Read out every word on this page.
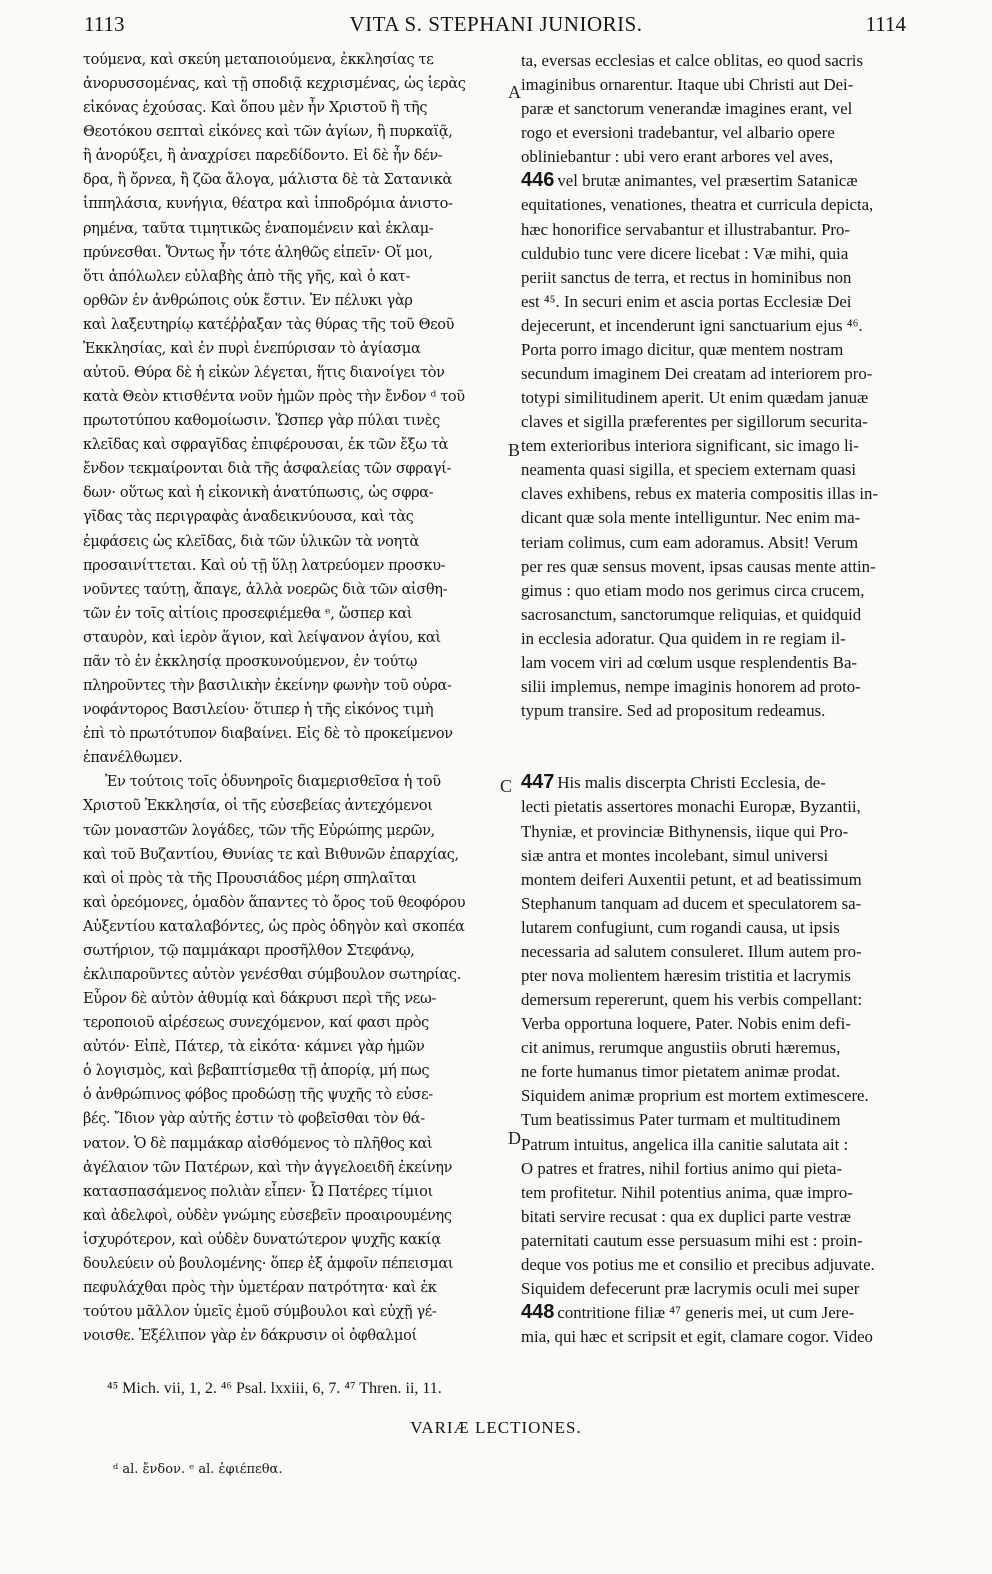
1113	VITA S. STEPHANI JUNIORIS.	1114
τούμενα, καὶ σκεύη μεταποιούμενα, ἐκκλησίας τε
ἀνορυσσομένας, καὶ τῇ σποδιᾷ κεχρισμένας, ὡς ἱερὰς
εἰκόνας ἐχούσας. Καὶ ὅπου μὲν ἦν Χριστοῦ ἢ τῆς
Θεοτόκου σεπταὶ εἰκόνες καὶ τῶν ἁγίων, ἢ πυρκαϊᾷ,
ἢ ἀνορύξει, ἢ ἀναχρίσει παρεδίδοντο. Εἰ δὲ ἦν δέν-
δρα, ἢ ὄρνεα, ἢ ζῶα ἄλογα, μάλιστα δὲ τὰ Σατανικὰ
ἱππηλάσια, κυνήγια, θέατρα καὶ ἱπποδρόμια ἀνιστο-
ρημένα, ταῦτα τιμητικῶς ἐναπομένειν καὶ ἐκλαμ-
πρύνεσθαι. Ὄντως ἦν τότε ἀληθῶς εἰπεῖν· Οἴ μοι,
ὅτι ἀπόλωλεν εὐλαβὴς ἀπὸ τῆς γῆς, καὶ ὁ κατ-
ορθῶν ἐν ἀνθρώποις οὐκ ἔστιν. Ἐν πέλυκι γὰρ
καὶ λαξευτηρίῳ κατέῤῥαξαν τὰς θύρας τῆς τοῦ Θεοῦ
Ἐκκλησίας, καὶ ἐν πυρὶ ἐνεπύρισαν τὸ ἁγίασμα
αὐτοῦ. Θύρα δὲ ἡ εἰκὼν λέγεται, ἥτις διανοίγει τὸν
κατὰ Θεὸν κτισθέντα νοῦν ἡμῶν πρὸς τὴν ἔνδον ᵈ τοῦ
πρωτοτύπου καθομοίωσιν. Ὥσπερ γὰρ πύλαι τινὲς
κλεῖδας καὶ σφραγῖδας ἐπιφέρουσαι, ἐκ τῶν ἔξω τὰ
ἔνδον τεκμαίρονται διὰ τῆς ἀσφαλείας τῶν σφραγί-
δων· οὕτως καὶ ἡ εἰκονικὴ ἀνατύπωσις, ὡς σφρα-
γῖδας τὰς περιγραφὰς ἀναδεικνύουσα, καὶ τὰς
ἐμφάσεις ὡς κλεῖδας, διὰ τῶν ὑλικῶν τὰ νοητὰ
προσαινίττεται. Καὶ οὐ τῇ ὕλῃ λατρεύομεν προσκυ-
νοῦντες ταύτῃ, ἄπαγε, ἀλλὰ νοερῶς διὰ τῶν αἰσθη-
τῶν ἐν τοῖς αἰτίοις προσεφιέμεθα ᵉ, ὥσπερ καὶ
σταυρὸν, καὶ ἱερὸν ἅγιον, καὶ λείψανον ἁγίου, καὶ
πᾶν τὸ ἐν ἐκκλησίᾳ προσκυνούμενον, ἐν τούτῳ
πληροῦντες τὴν βασιλικὴν ἐκείνην φωνὴν τοῦ οὐρα-
νοφάντορος Βασιλείου· ὅτιπερ ἡ τῆς εἰκόνος τιμὴ
ἐπὶ τὸ πρωτότυπον διαβαίνει. Εἰς δὲ τὸ προκείμενον
ἐπανέλθωμεν.
Ἐν τούτοις τοῖς ὀδυνηροῖς διαμερισθεῖσα ἡ τοῦ
Χριστοῦ Ἐκκλησία, οἱ τῆς εὐσεβείας ἀντεχόμενοι
τῶν μοναστῶν λογάδες, τῶν τῆς Εὐρώπης μερῶν,
καὶ τοῦ Βυζαντίου, Θυνίας τε καὶ Βιθυνῶν ἐπαρχίας,
καὶ οἱ πρὸς τὰ τῆς Προυσιάδος μέρη σπηλαῖται
καὶ ὀρεόμονες, ὁμαδὸν ἅπαντες τὸ ὄρος τοῦ θεοφόρου
Αὐξεντίου καταλαβόντες, ὡς πρὸς ὁδηγὸν καὶ σκοπέα
σωτήριον, τῷ παμμάκαρι προσῆλθον Στεφάνῳ,
ἐκλιπαροῦντες αὐτὸν γενέσθαι σύμβουλον σωτηρίας.
Εὗρον δὲ αὐτὸν ἀθυμίᾳ καὶ δάκρυσι περὶ τῆς νεω-
τεροποιοῦ αἱρέσεως συνεχόμενον, καί φασι πρὸς
αὐτόν· Εἰπὲ, Πάτερ, τὰ εἰκότα· κάμνει γὰρ ἡμῶν
ὁ λογισμὸς, καὶ βεβαπτίσμεθα τῇ ἀπορίᾳ, μή πως
ὁ ἀνθρώπινος φόβος προδώσῃ τῆς ψυχῆς τὸ εὐσε-
βές. Ἴδιον γὰρ αὐτῆς ἐστιν τὸ φοβεῖσθαι τὸν θά-
νατον. Ὁ δὲ παμμάκαρ αἰσθόμενος τὸ πλῆθος καὶ
ἀγέλαιον τῶν Πατέρων, καὶ τὴν ἀγγελοειδῆ ἐκείνην
κατασπασάμενος πολιὰν εἶπεν· Ὦ Πατέρες τίμιοι
καὶ ἀδελφοὶ, οὐδὲν γνώμης εὐσεβεῖν προαιρουμένης
ἰσχυρότερον, καὶ οὐδὲν δυνατώτερον ψυχῆς κακίᾳ
δουλεύειν οὐ βουλομένης· ὅπερ ἐξ ἀμφοῖν πέπεισμαι
πεφυλάχθαι πρὸς τὴν ὑμετέραν πατρότητα· καὶ ἐκ
τούτου μᾶλλον ὑμεῖς ἐμοῦ σύμβουλοι καὶ εὐχῇ γέ-
νοισθε. Ἐξέλιπον γὰρ ἐν δάκρυσιν οἱ ὀφθαλμοί
ta, eversas ecclesias et calce oblitas, eo quod sacris
imaginibus ornarentur. Itaque ubi Christi aut Dei-
paræ et sanctorum venerandæ imagines erant, vel
rogo et eversioni tradebantur, vel albario opere
obliniebantur : ubi vero erant arbores vel aves,
446 vel brutæ animantes, vel præsertim Satanicæ
equitationes, venationes, theatra et curricula depicta,
hæc honorifice servabantur et illustrabantur. Pro-
culdubio tunc vere dicere licebat : Væ mihi, quia
periit sanctus de terra, et rectus in hominibus non
est ⁴⁵. In securi enim et ascia portas Ecclesiæ Dei
dejecerunt, et incenderunt igni sanctuarium ejus ⁴⁶.
Porta porro imago dicitur, quæ mentem nostram
secundum imaginem Dei creatam ad interiorem pro-
totypi similitudinem aperit. Ut enim quædam januæ
claves et sigilla præferentes per sigillorum securita-
tem exterioribus interiora significant, sic imago li-
neamenta quasi sigilla, et speciem externam quasi
claves exhibens, rebus ex materia compositis illas in-
dicant quæ sola mente intelliguntur. Nec enim ma-
teriam colimus, cum eam adoramus. Absit! Verum
per res quæ sensus movent, ipsas causas mente attin-
gimus : quo etiam modo nos gerimus circa crucem,
sacrosanctum, sanctorumque reliquias, et quidquid
in ecclesia adoratur. Qua quidem in re regiam il-
lam vocem viri ad cœlum usque resplendentis Ba-
silii implemus, nempe imaginis honorem ad proto-
typum transire. Sed ad propositum redeamus.
447 His malis discerpta Christi Ecclesia, de-
lecti pietatis assertores monachi Europæ, Byzantii,
Thyniæ, et provinciæ Bithynensis, iique qui Pro-
siæ antra et montes incolebant, simul universi
montem deiferi Auxentii petunt, et ad beatissimum
Stephanum tanquam ad ducem et speculatorem sa-
lutarem confugiunt, cum rogandi causa, ut ipsis
necessaria ad salutem consuleret. Illum autem pro-
pter nova molientem hæresim tristitia et lacrymis
demersum repererunt, quem his verbis compellant:
Verba opportuna loquere, Pater. Nobis enim defi-
cit animus, rerumque angustiis obruti hæremus,
ne forte humanus timor pietatem animæ prodat.
Siquidem animæ proprium est mortem extimescere.
Tum beatissimus Pater turmam et multitudinem
Patrum intuitus, angelica illa canitie salutata ait :
O patres et fratres, nihil fortius animo qui pieta-
tem profitetur. Nihil potentius anima, quæ impro-
bitati servire recusat : qua ex duplici parte vestræ
paternitati cautum esse persuasum mihi est : proin-
deque vos potius me et consilio et precibus adjuvate.
Siquidem defecerunt præ lacrymis oculi mei super
448 contritione filiæ ⁴⁷ generis mei, ut cum Jere-
mia, qui hæc et scripsit et egit, clamare cogor. Video
A
B
C
D
⁴⁵ Mich. vii, 1, 2. ⁴⁶ Psal. lxxiii, 6, 7. ⁴⁷ Thren. ii, 11.
VARIÆ LECTIONES.
ᵈ al. ἔνδον. ᵉ al. ἐφιέπεθα.
